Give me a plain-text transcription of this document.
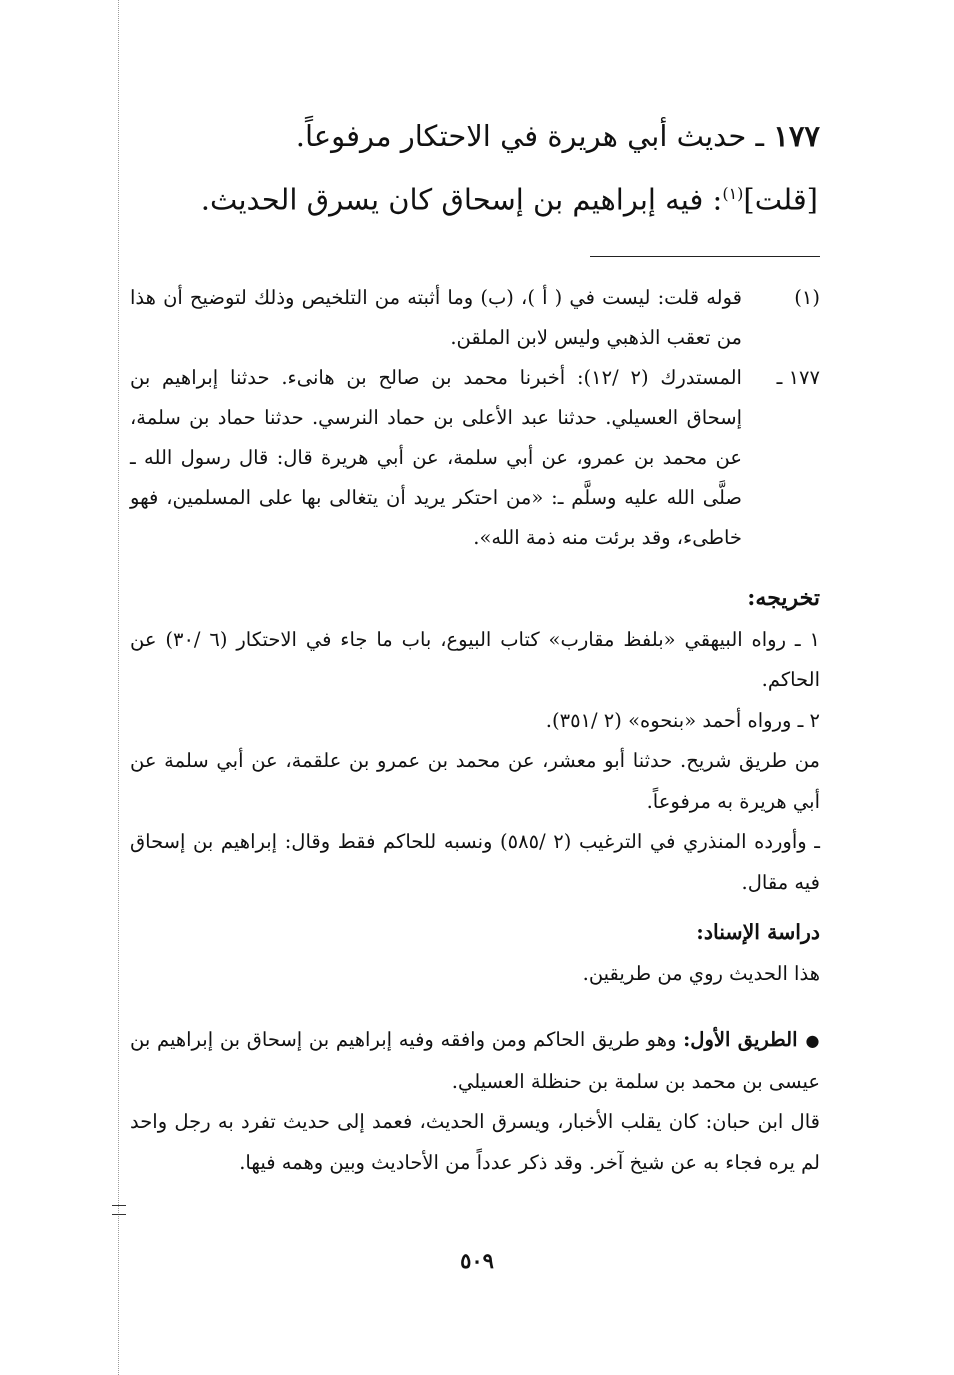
١٧٧ ـ حديث أبي هريرة في الاحتكار مرفوعاً.

[قلت]$^{(١)}$: فيه إبراهيم بن إسحاق كان يسرق الحديث.

(١)
قوله قلت: ليست في ( أ )، (ب) وما أثبته من التلخيص وذلك لتوضيح أن هذا من تعقب الذهبي وليس لابن الملقن.
١٧٧ ـ
المستدرك (٢ /١٢): أخبرنا محمد بن صالح بن هانىء. حدثنا إبراهيم بن إسحاق العسيلي. حدثنا عبد الأعلى بن حماد النرسي. حدثنا حماد بن سلمة، عن محمد بن عمرو، عن أبي سلمة، عن أبي هريرة قال: قال رسول الله ـ صلَّى الله عليه وسلَّم ـ: «من احتكر يريد أن يتغالى بها على المسلمين، فهو خاطىء، وقد برئت منه ذمة الله».

تخريجه:

١ ـ رواه البيهقي «بلفظ مقارب» كتاب البيوع، باب ما جاء في الاحتكار (٦ /٣٠) عن الحاكم.

٢ ـ ورواه أحمد «بنحوه» (٢ /٣٥١).

من طريق شريح. حدثنا أبو معشر، عن محمد بن عمرو بن علقمة، عن أبي سلمة عن أبي هريرة به مرفوعاً.

ـ وأورده المنذري في الترغيب (٢ /٥٨٥) ونسبه للحاكم فقط وقال: إبراهيم بن إسحاق فيه مقال.

دراسة الإسناد:

هذا الحديث روي من طريقين.

●الطريق الأول: وهو طريق الحاكم ومن وافقه وفيه إبراهيم بن إسحاق بن إبراهيم بن عيسى بن محمد بن سلمة بن حنظلة العسيلي.

قال ابن حبان: كان يقلب الأخبار، ويسرق الحديث، فعمد إلى حديث تفرد به رجل واحد لم يره فجاء به عن شيخ آخر. وقد ذكر عدداً من الأحاديث وبين وهمه فيها.

٥٠٩
